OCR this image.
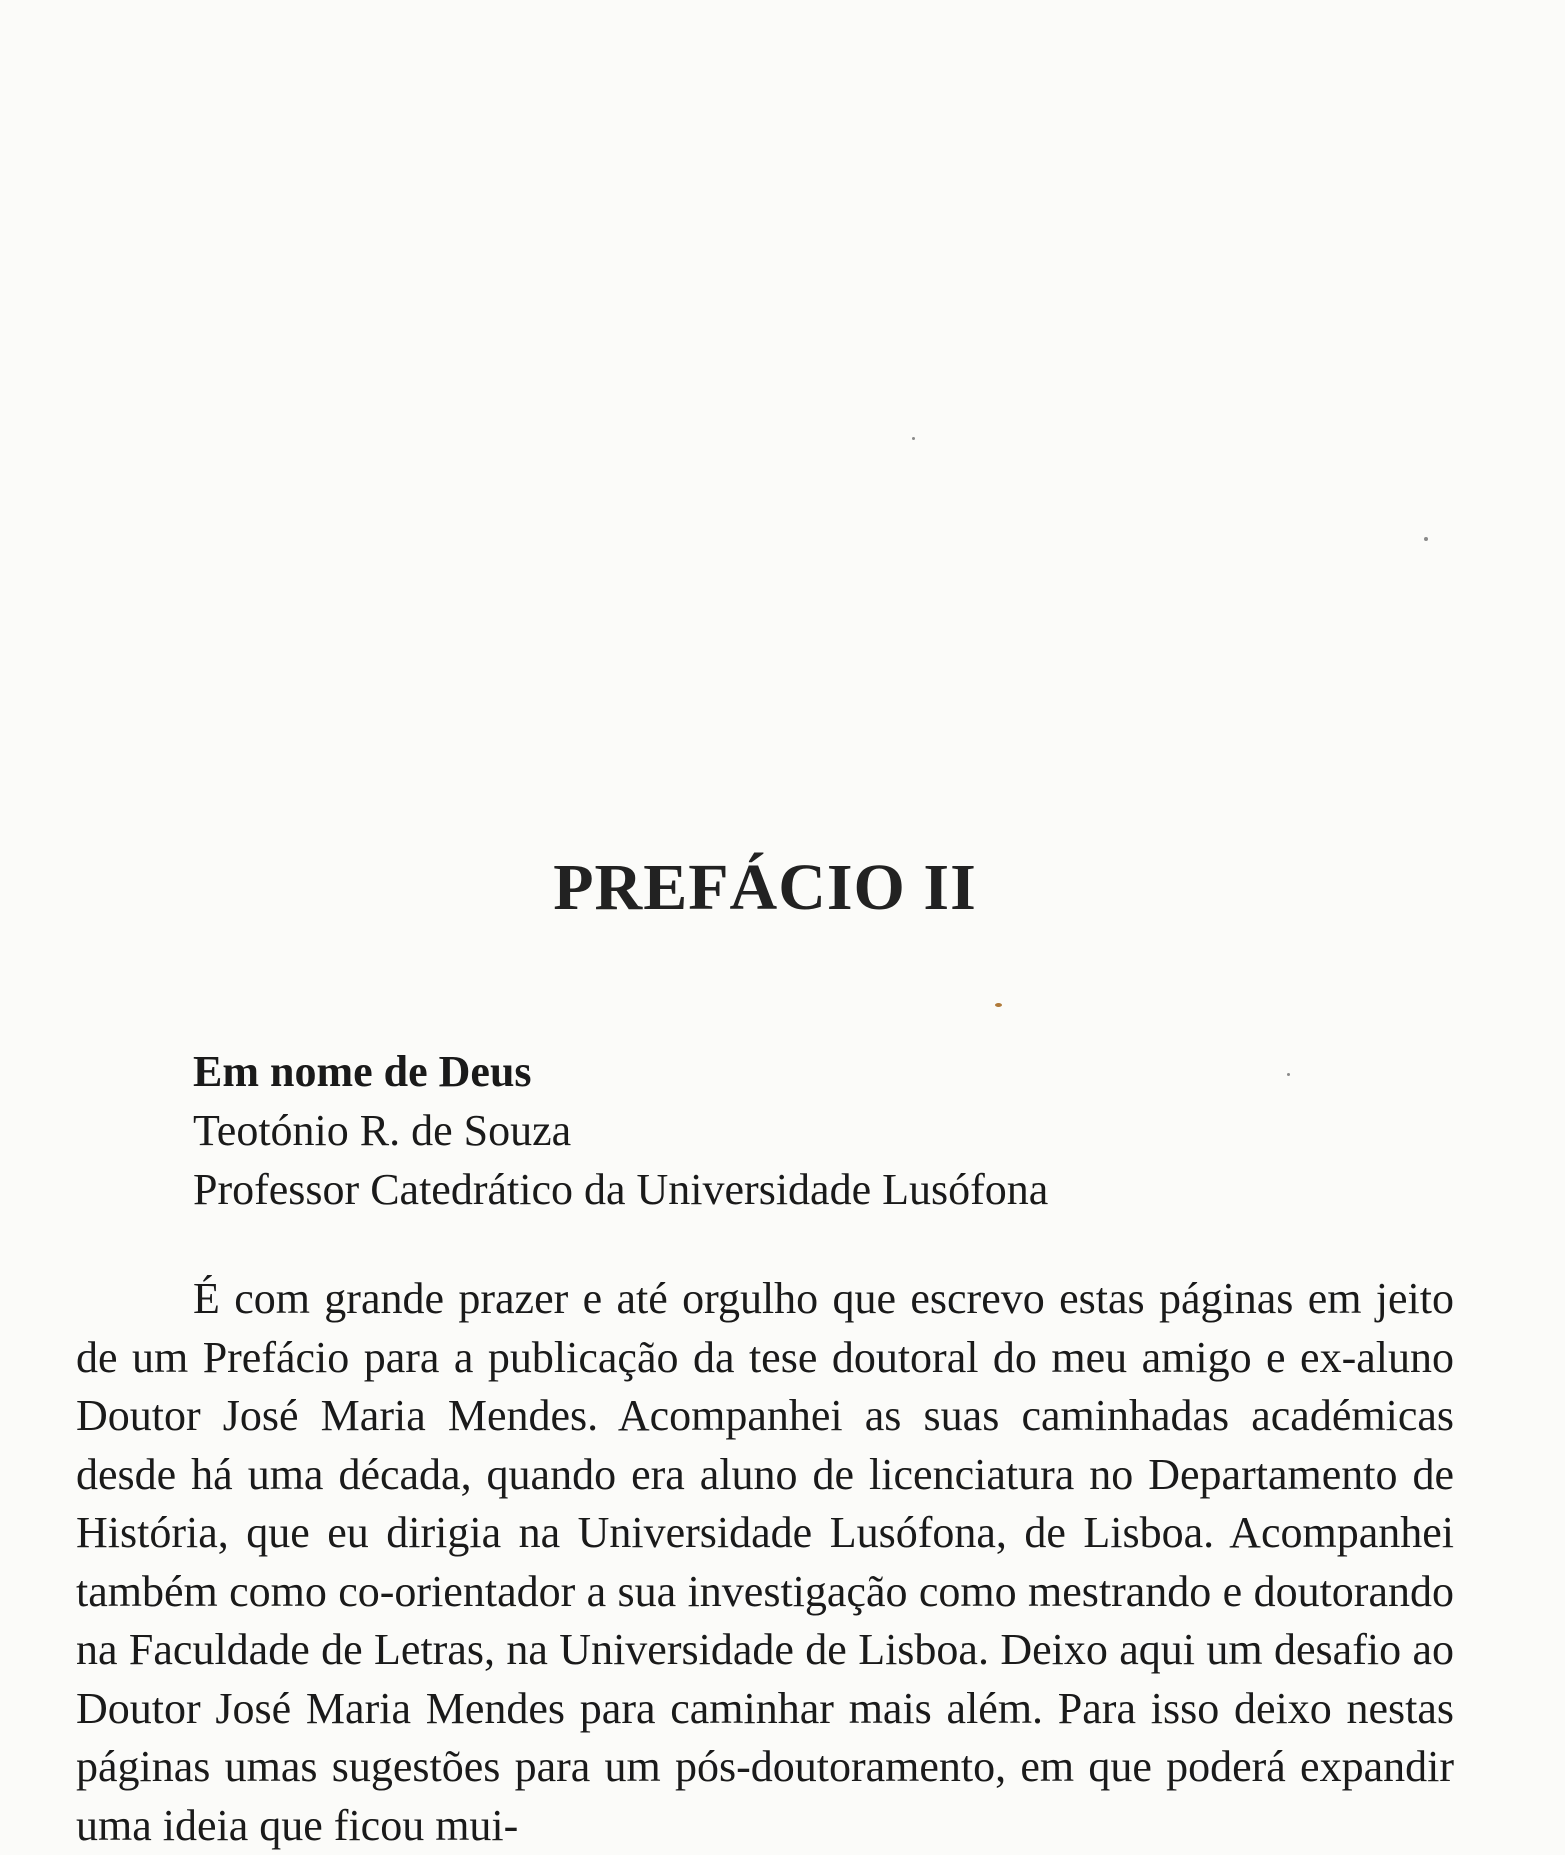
PREFÁCIO II
Em nome de Deus
Teotónio R. de Souza
Professor Catedrático da Universidade Lusófona

É com grande prazer e até orgulho que escrevo estas páginas em jeito de um Prefácio para a publicação da tese doutoral do meu amigo e ex-aluno Doutor José Maria Mendes. Acompanhei as suas caminhadas académicas desde há uma década, quando era aluno de licenciatura no Departamento de História, que eu dirigia na Universidade Lusófona, de Lisboa. Acompanhei também como co-orientador a sua investigação como mestrando e doutorando na Faculdade de Letras, na Universidade de Lisboa. Deixo aqui um desafio ao Doutor José Maria Mendes para caminhar mais além. Para isso deixo nestas páginas umas sugestões para um pós-doutoramento, em que poderá expandir uma ideia que ficou mui-
